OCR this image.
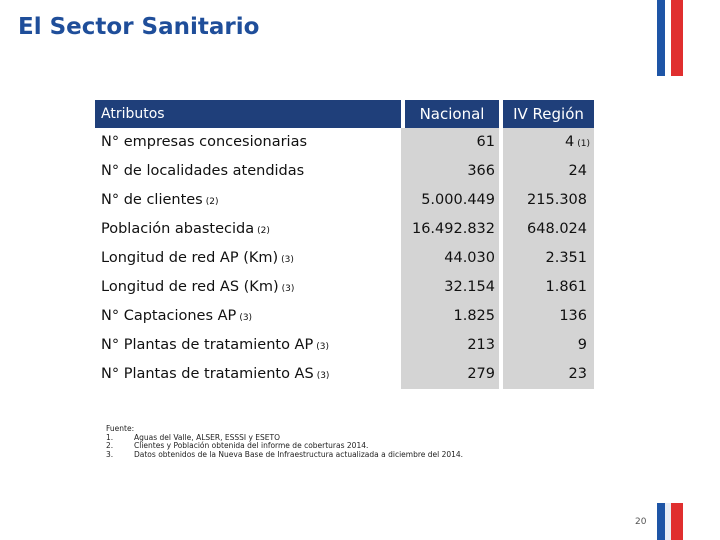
El Sector Sanitario
Atributos	Nacional	IV Región
N° empresas concesionarias	61	4 $^{(1)}$
N° de localidades atendidas	366	24
N° de clientes $^{(2)}$	5.000.449 215.308
Población abastecida $^{(2)}$	16.492.832 648.024
Longitud de red AP (Km) $^{(3)}$	44.030	2.351
Longitud de red AS (Km) $^{(3)}$	32.154	1.861
N° Captaciones AP $^{(3)}$	1.825	136
N° Plantas de tratamiento AP $^{(3)}$	213	9
N° Plantas de tratamiento AS $^{(3)}$	279	23
Fuente:
1.	Aguas del Valle, ALSER, ESSSI y ESETO
2.	Clientes y Población obtenida del informe de coberturas 2014.
3.	Datos obtenidos de la Nueva Base de Infraestructura actualizada a diciembre del 2014.
20
